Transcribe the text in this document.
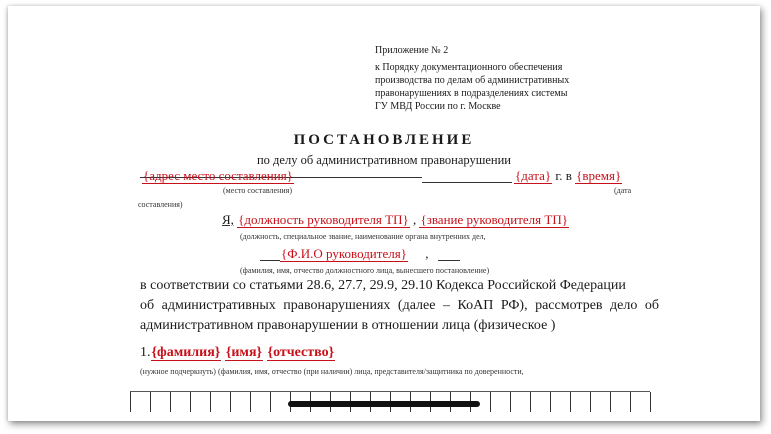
Приложение № 2
к Порядку документационного обеспечения
производства по делам об административных
правонарушениях в подразделениях системы
ГУ МВД России по г. Москве
ПОСТАНОВЛЕНИЕ
по делу об административном правонарушении
{адрес место составления}	{дата} г. в {время}
(место составления)	(дата
составления)
Я, {должность руководителя ТП} , {звание руководителя ТП}
(должность, специальное звание, наименование органа внутренних дел,
{Ф.И.О руководителя} ,
(фамилия, имя, отчество должностного лица, вынесшего постановление)
в соответствии со статьями 28.6, 27.7, 29.9, 29.10 Кодекса Российской Федерации
об административных правонарушениях (далее – КоАП РФ), рассмотрев дело об
административном правонарушении в отношении лица (физическое )
1.{фамилия} {имя} {отчество}
(нужное подчеркнуть) (фамилия, имя, отчество (при наличии) лица, представителя/защитника по доверенности,
